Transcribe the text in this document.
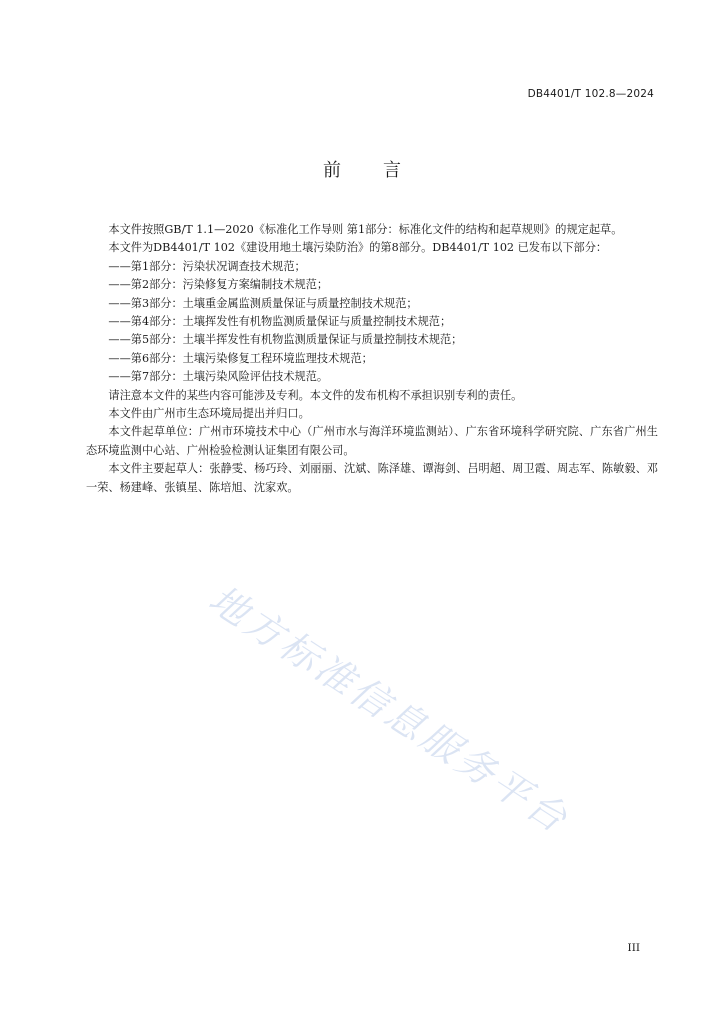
DB4401/T 102.8—2024
前言

本文件按照GB/T 1.1—2020《标准化工作导则 第1部分：标准化文件的结构和起草规则》的规定起草。

本文件为DB4401/T 102《建设用地土壤污染防治》的第8部分。DB4401/T 102 已发布以下部分：

——第1部分：污染状况调查技术规范；

——第2部分：污染修复方案编制技术规范；

——第3部分：土壤重金属监测质量保证与质量控制技术规范；

——第4部分：土壤挥发性有机物监测质量保证与质量控制技术规范；

——第5部分：土壤半挥发性有机物监测质量保证与质量控制技术规范；

——第6部分：土壤污染修复工程环境监理技术规范；

——第7部分：土壤污染风险评估技术规范。

请注意本文件的某些内容可能涉及专利。本文件的发布机构不承担识别专利的责任。

本文件由广州市生态环境局提出并归口。

本文件起草单位：广州市环境技术中心（广州市水与海洋环境监测站）、广东省环境科学研究院、广东省广州生态环境监测中心站、广州检验检测认证集团有限公司。

本文件主要起草人：张静雯、杨巧玲、刘丽丽、沈斌、陈泽雄、谭海剑、吕明超、周卫霞、周志军、陈敏毅、邓一荣、杨建峰、张镇星、陈培旭、沈家欢。

地方标准信息服务平台
III
